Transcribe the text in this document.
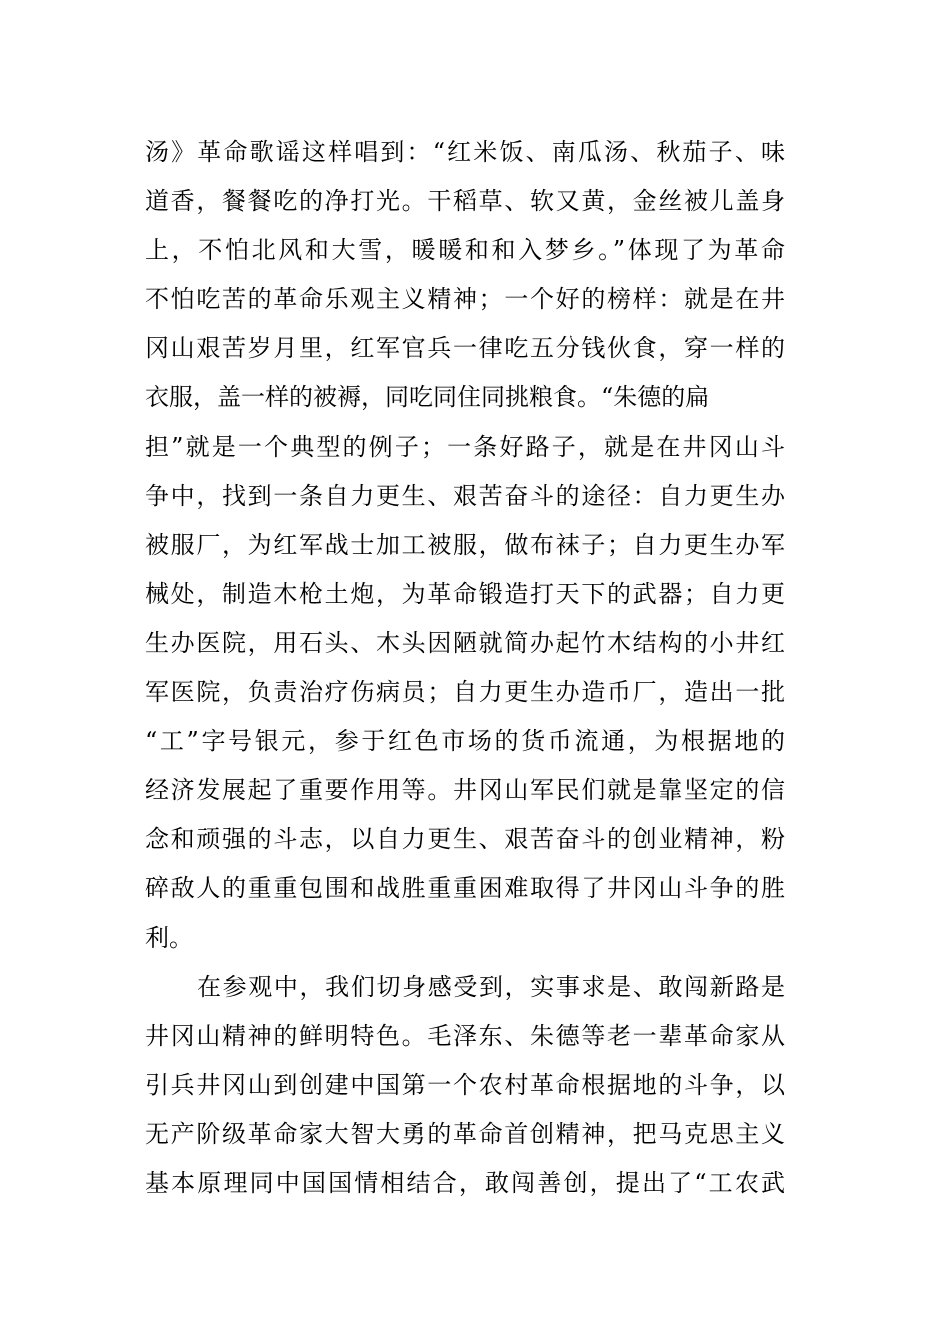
汤》革命歌谣这样唱到：“红米饭、南瓜汤、秋茄子、味
道香，餐餐吃的净打光。干稻草、软又黄，金丝被儿盖身
上，不怕北风和大雪，暖暖和和入梦乡。”体现了为革命
不怕吃苦的革命乐观主义精神；一个好的榜样：就是在井
冈山艰苦岁月里，红军官兵一律吃五分钱伙食，穿一样的
衣服，盖一样的被褥，同吃同住同挑粮食。“朱德的扁
担”就是一个典型的例子；一条好路子，就是在井冈山斗
争中，找到一条自力更生、艰苦奋斗的途径：自力更生办
被服厂，为红军战士加工被服，做布袜子；自力更生办军
械处，制造木枪土炮，为革命锻造打天下的武器；自力更
生办医院，用石头、木头因陋就简办起竹木结构的小井红
军医院，负责治疗伤病员；自力更生办造币厂，造出一批
“工”字号银元，参于红色市场的货币流通，为根据地的
经济发展起了重要作用等。井冈山军民们就是靠坚定的信
念和顽强的斗志，以自力更生、艰苦奋斗的创业精神，粉
碎敌人的重重包围和战胜重重困难取得了井冈山斗争的胜
利。
在参观中，我们切身感受到，实事求是、敢闯新路是
井冈山精神的鲜明特色。毛泽东、朱德等老一辈革命家从
引兵井冈山到创建中国第一个农村革命根据地的斗争，以
无产阶级革命家大智大勇的革命首创精神，把马克思主义
基本原理同中国国情相结合，敢闯善创，提出了“工农武
